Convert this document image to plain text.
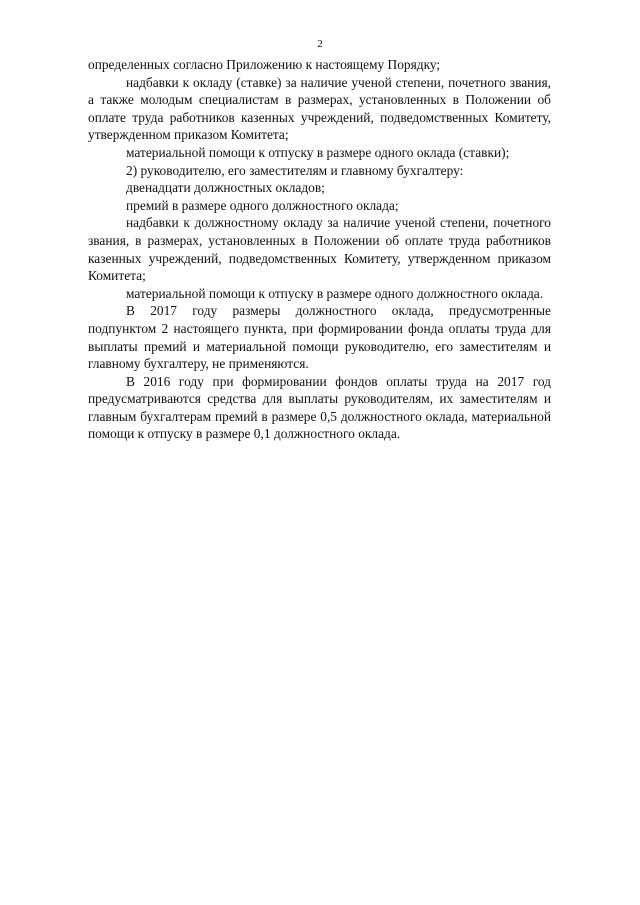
2

определенных согласно Приложению к настоящему Порядку;

надбавки к окладу (ставке) за наличие ученой степени, почетного звания, а также молодым специалистам в размерах, установленных в Положении об оплате труда работников казенных учреждений, подведомственных Комитету, утвержденном приказом Комитета;

материальной помощи к отпуску в размере одного оклада (ставки);

2) руководителю, его заместителям и главному бухгалтеру:

двенадцати должностных окладов;

премий в размере одного должностного оклада;

надбавки к должностному окладу за наличие ученой степени, почетного звания, в размерах, установленных в Положении об оплате труда работников казенных учреждений, подведомственных Комитету, утвержденном приказом Комитета;

материальной помощи к отпуску в размере одного должностного оклада.

В 2017 году размеры должностного оклада, предусмотренные подпунктом 2 настоящего пункта, при формировании фонда оплаты труда для выплаты премий и материальной помощи руководителю, его заместителям и главному бухгалтеру, не применяются.

В 2016 году при формировании фондов оплаты труда на 2017 год предусматриваются средства для выплаты руководителям, их заместителям и главным бухгалтерам премий в размере 0,5 должностного оклада, материальной помощи к отпуску в размере 0,1 должностного оклада.
